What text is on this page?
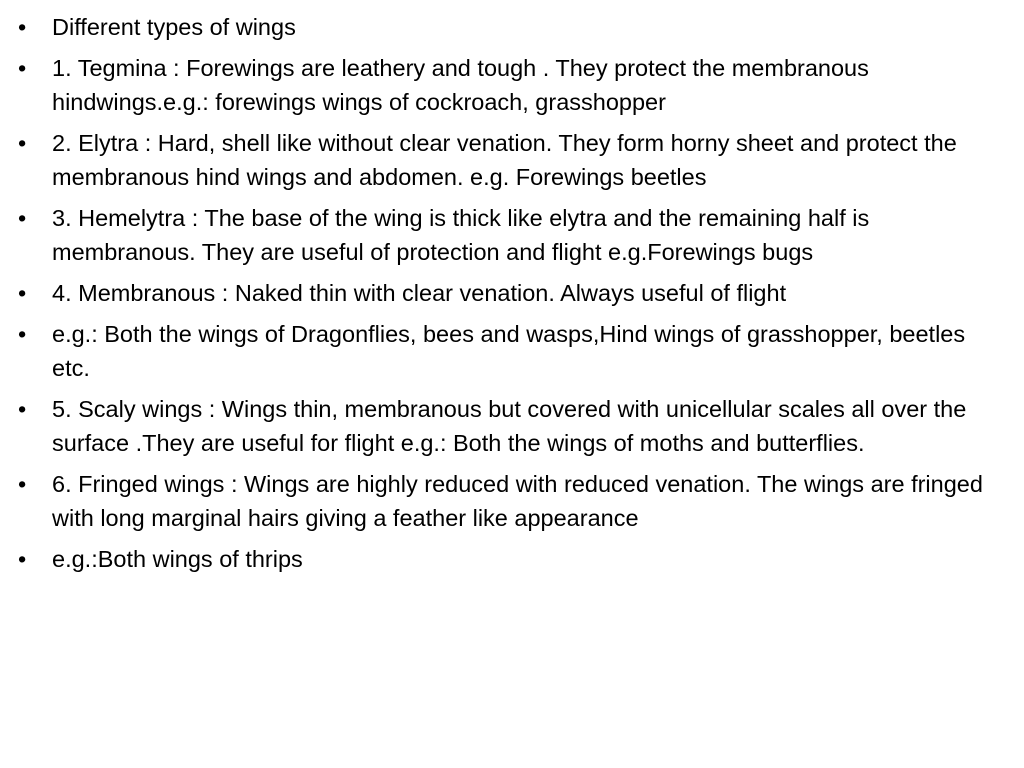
•	Different types of wings
•	1. Tegmina : Forewings are leathery and tough . They protect the membranous hindwings.e.g.: forewings wings of cockroach, grasshopper
•	2. Elytra : Hard, shell like without clear venation. They form horny sheet and protect the membranous hind wings and abdomen. e.g. Forewings beetles
•	3. Hemelytra : The base of the wing is thick like elytra and the remaining half is membranous. They are useful of protection and flight e.g.Forewings bugs
•	4. Membranous : Naked thin with clear venation. Always useful of flight
•	e.g.: Both the wings of Dragonflies, bees and wasps,Hind wings of grasshopper, beetles etc.
•	5. Scaly wings : Wings thin, membranous but covered with unicellular scales all over the surface .They are useful for flight e.g.: Both the wings of moths and butterflies.
•	6. Fringed wings : Wings are highly reduced with reduced venation. The wings are fringed with long marginal hairs giving a feather like appearance
•	e.g.:Both wings of thrips
